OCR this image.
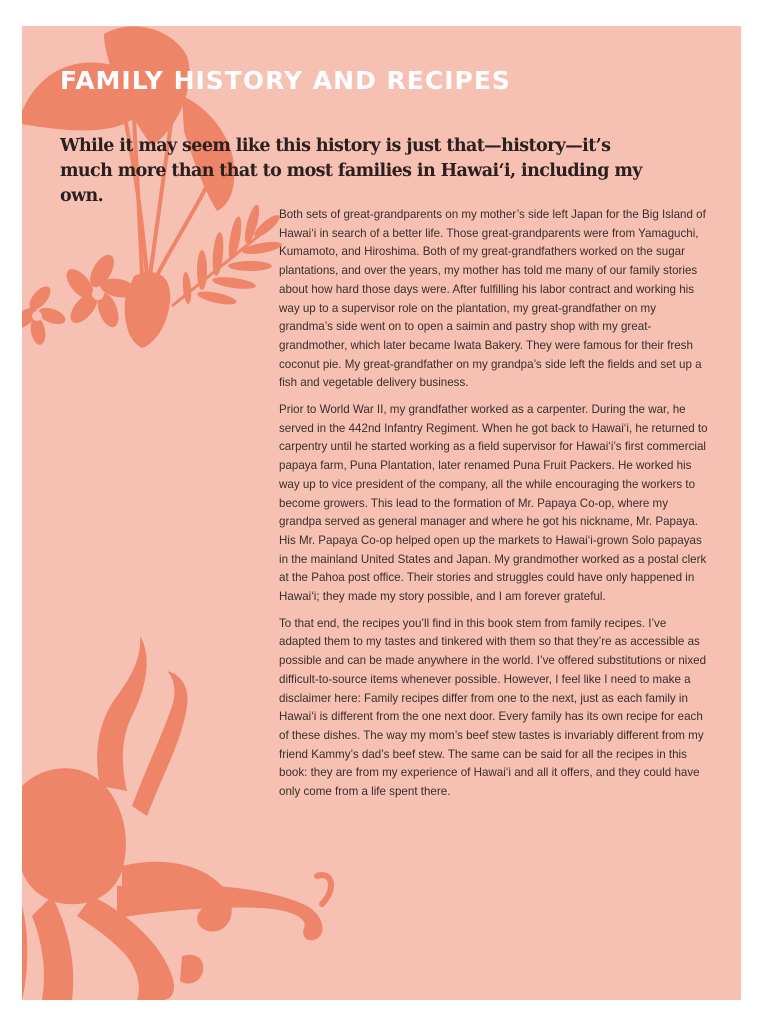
FAMILY HISTORY AND RECIPES
While it may seem like this history is just that—history—it’s much more than that to most families in Hawai‘i, including my own.

Both sets of great-grandparents on my mother’s side left Japan for the Big Island of Hawai‘i in search of a better life. Those great-grandparents were from Yamaguchi, Kumamoto, and Hiroshima. Both of my great-grandfathers worked on the sugar plantations, and over the years, my mother has told me many of our family stories about how hard those days were. After fulfilling his labor contract and working his way up to a supervisor role on the plantation, my great-grandfather on my grandma’s side went on to open a saimin and pastry shop with my great-grandmother, which later became Iwata Bakery. They were famous for their fresh coconut pie. My great-grandfather on my grandpa’s side left the fields and set up a fish and vegetable delivery business.

Prior to World War II, my grandfather worked as a carpenter. During the war, he served in the 442nd Infantry Regiment. When he got back to Hawai‘i, he returned to carpentry until he started working as a field supervisor for Hawai‘i’s first commercial papaya farm, Puna Plantation, later renamed Puna Fruit Packers. He worked his way up to vice president of the company, all the while encouraging the workers to become growers. This lead to the formation of Mr. Papaya Co-op, where my grandpa served as general manager and where he got his nickname, Mr. Papaya. His Mr. Papaya Co-op helped open up the markets to Hawai‘i-grown Solo papayas in the mainland United States and Japan. My grandmother worked as a postal clerk at the Pahoa post office. Their stories and struggles could have only happened in Hawai‘i; they made my story possible, and I am forever grateful.

To that end, the recipes you’ll find in this book stem from family recipes. I’ve adapted them to my tastes and tinkered with them so that they’re as accessible as possible and can be made anywhere in the world. I’ve offered substitutions or nixed difficult-to-source items whenever possible. However, I feel like I need to make a disclaimer here: Family recipes differ from one to the next, just as each family in Hawai‘i is different from the one next door. Every family has its own recipe for each of these dishes. The way my mom’s beef stew tastes is invariably different from my friend Kammy’s dad’s beef stew. The same can be said for all the recipes in this book: they are from my experience of Hawai‘i and all it offers, and they could have only come from a life spent there.
